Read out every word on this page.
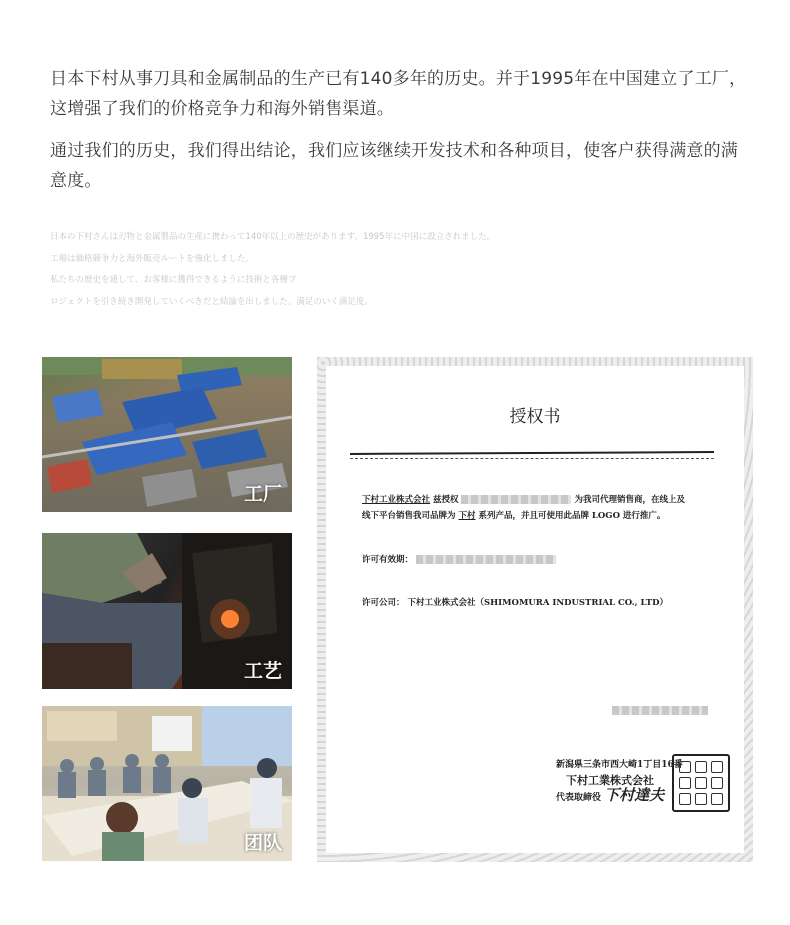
日本下村从事刀具和金属制品的生产已有140多年的历史。并于1995年在中国建立了工厂，这增强了我们的价格竞争力和海外销售渠道。

通过我们的历史，我们得出结论，我们应该继续开发技术和各种项目，使客户获得满意的满意度。

日本の下村さんは刃物と金属製品の生産に携わって140年以上の歴史があります。1995年に中国に設立されました。

工場は価格競争力と海外販売ルートを強化しました。

私たちの歴史を通して、お客様に獲得できるように技術と各種プ

ロジェクトを引き続き開発していくべきだと結論を出しました。満足のいく満足度。

工厂
工艺
团队
授权书
下村工业株式会社 兹授权	为我司代理销售商，在线上及
线下平台销售我司品牌为 下村 系列产品，并且可使用此品牌 LOGO 进行推广。
许可有效期：
许可公司： 下村工业株式会社（SHIMOMURA INDUSTRIAL CO., LTD）
新潟県三条市西大崎1丁目16番
下村工業株式会社
代表取締役 下村達夫
